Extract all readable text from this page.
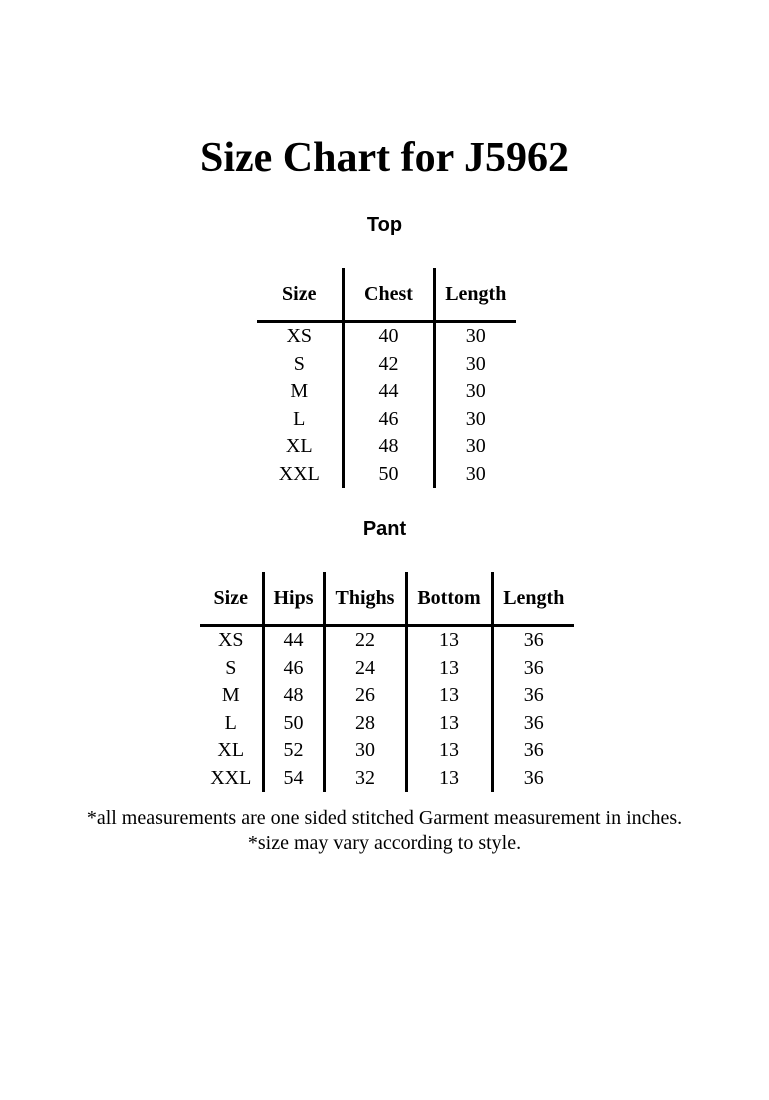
Size Chart for J5962
Top
Size	Chest	Length
XS	40	30
S	42	30
M	44	30
L	46	30
XL	48	30
XXL	50	30
Pant
Size	Hips	Thighs	Bottom	Length
XS	44	22	13	36
S	46	24	13	36
M	48	26	13	36
L	50	28	13	36
XL	52	30	13	36
XXL	54	32	13	36
*all measurements are one sided stitched Garment measurement in inches.
*size may vary according to style.
